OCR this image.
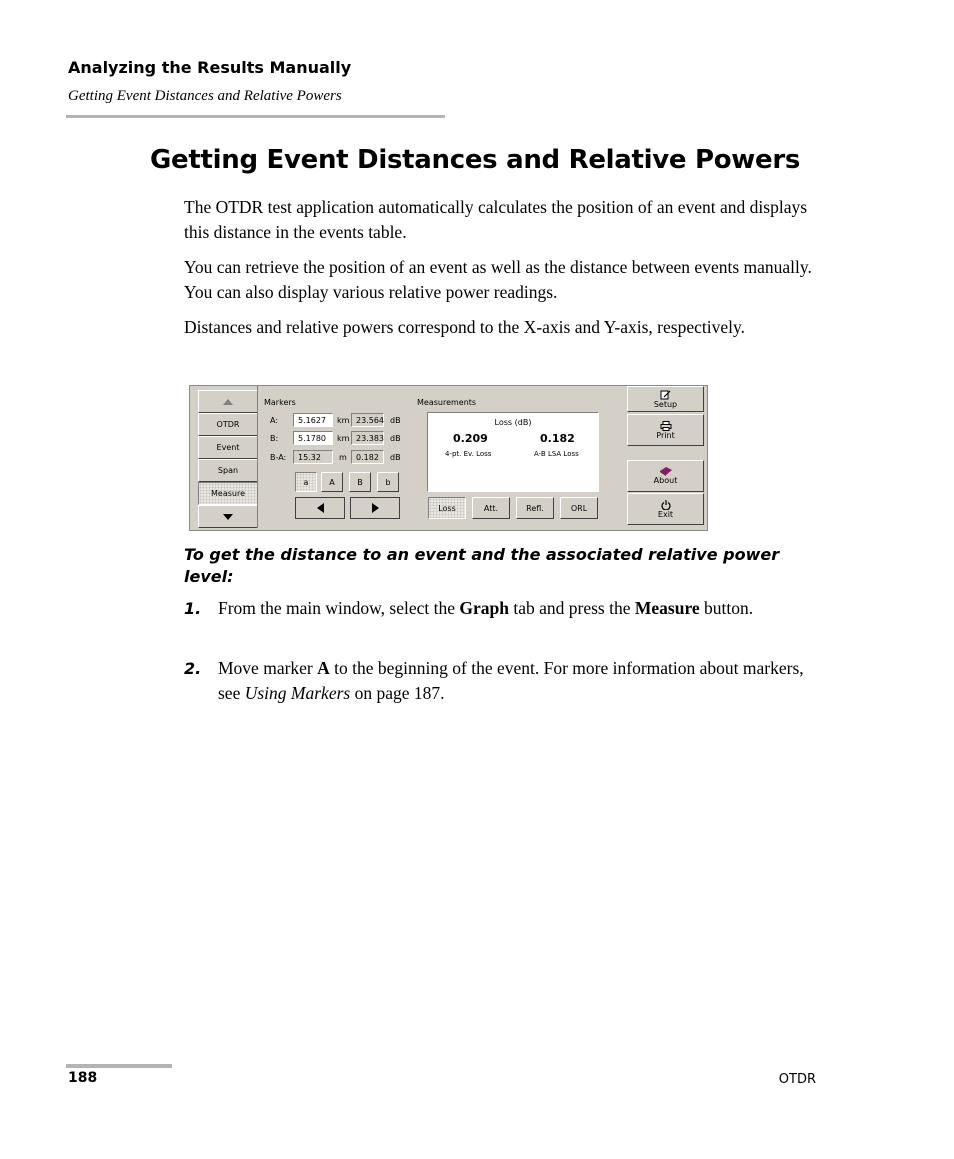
Analyzing the Results Manually
Getting Event Distances and Relative Powers
Getting Event Distances and Relative Powers

The OTDR test application automatically calculates the position of an event and displays this distance in the events table.

You can retrieve the position of an event as well as the distance between events manually. You can also display various relative power readings.

Distances and relative powers correspond to the X-axis and Y-axis, respectively.

OTDR
Event
Span
Measure
Markers
A:	5.1627	km 23.564 dB
B:	5.1780	km 23.383 dB
B-A:	15.32	m	0.182	dB
a	A	B	b
Measurements
Loss (dB)
0.209
4-pt. Ev. Loss
0.182
A-B LSA Loss
Loss	Att.	Refl.	ORL
Setup
Print
About
Exit
To get the distance to an event and the associated relative power level:
1. From the main window, select the Graph tab and press the Measure button.
2. Move marker A to the beginning of the event. For more information about markers, see Using Markers on page 187.
188	OTDR
